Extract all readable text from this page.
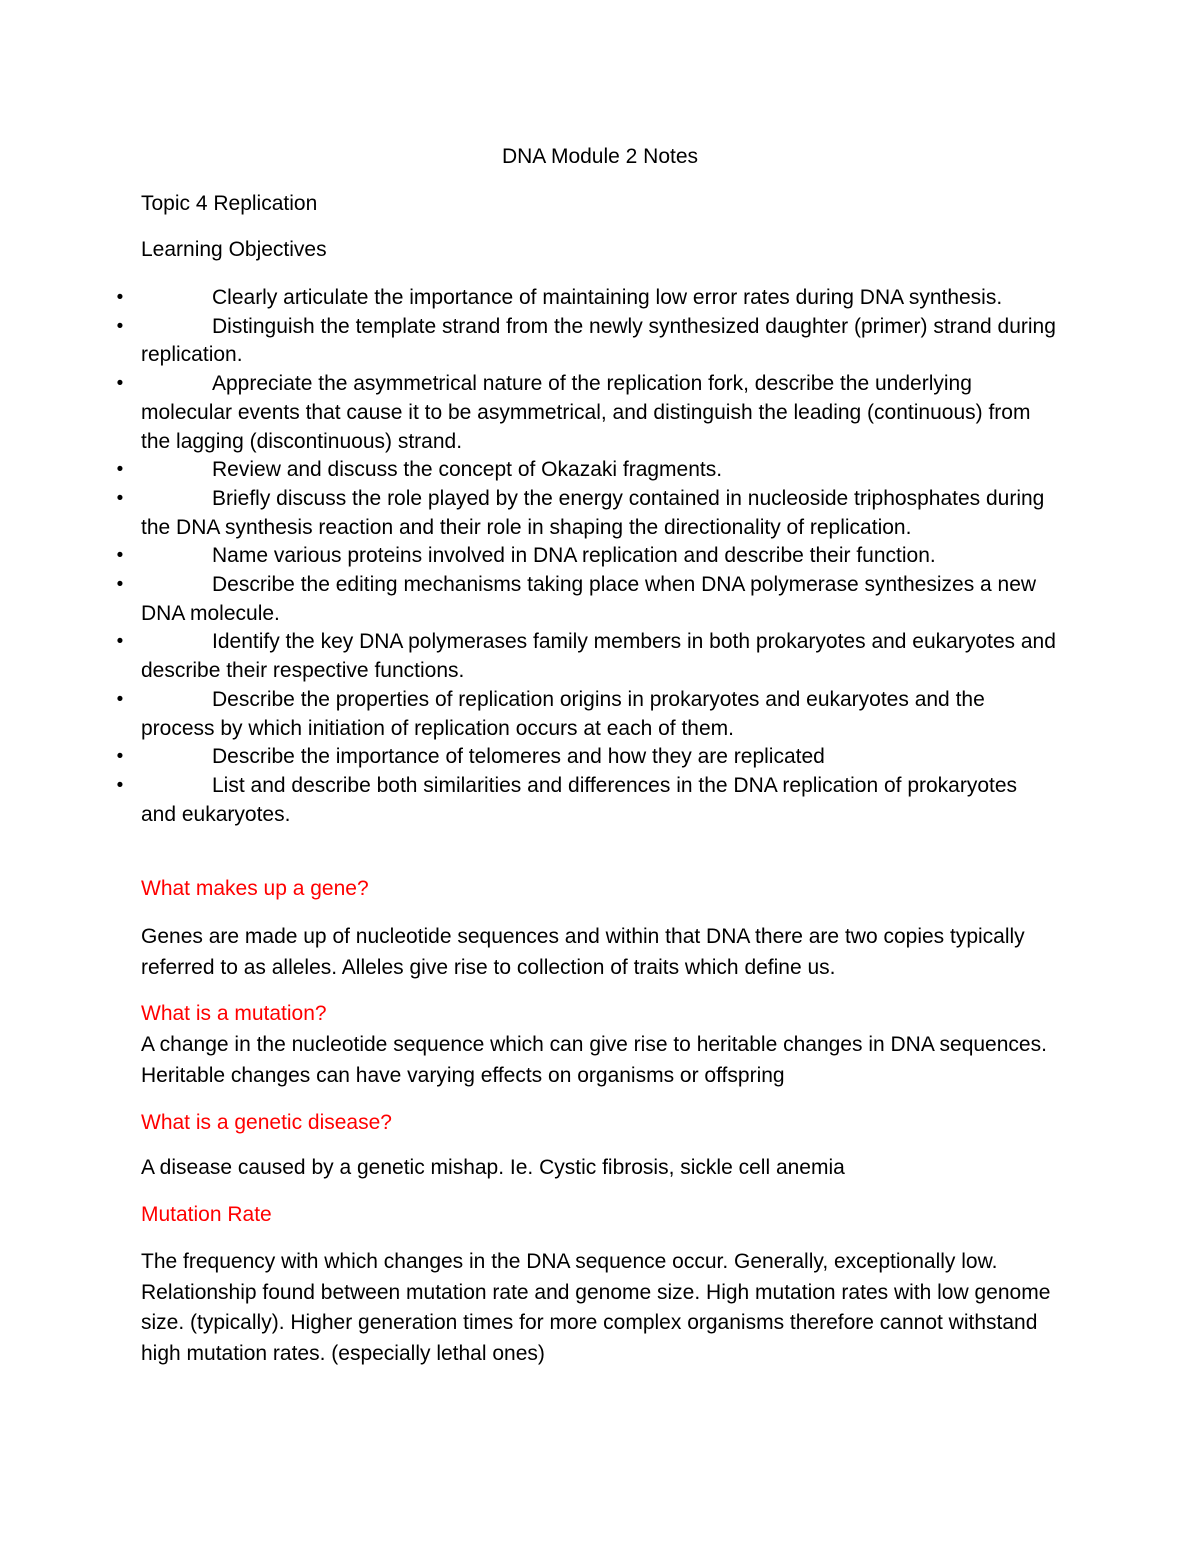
DNA Module 2 Notes
Topic 4 Replication
Learning Objectives
•	Clearly articulate the importance of maintaining low error rates during DNA synthesis.
•	Distinguish the template strand from the newly synthesized daughter (primer) strand during replication.
•	Appreciate the asymmetrical nature of the replication fork, describe the underlying molecular events that cause it to be asymmetrical, and distinguish the leading (continuous) from the lagging (discontinuous) strand.
•	Review and discuss the concept of Okazaki fragments.
•	Briefly discuss the role played by the energy contained in nucleoside triphosphates during the DNA synthesis reaction and their role in shaping the directionality of replication.
•	Name various proteins involved in DNA replication and describe their function.
•	Describe the editing mechanisms taking place when DNA polymerase synthesizes a new DNA molecule.
•	Identify the key DNA polymerases family members in both prokaryotes and eukaryotes and describe their respective functions.
•	Describe the properties of replication origins in prokaryotes and eukaryotes and the process by which initiation of replication occurs at each of them.
•	Describe the importance of telomeres and how they are replicated
•	List and describe both similarities and differences in the DNA replication of prokaryotes and eukaryotes.

What makes up a gene?

Genes are made up of nucleotide sequences and within that DNA there are two copies typically referred to as alleles. Alleles give rise to collection of traits which define us.

What is a mutation?

A change in the nucleotide sequence which can give rise to heritable changes in DNA sequences. Heritable changes can have varying effects on organisms or offspring

What is a genetic disease?

A disease caused by a genetic mishap. Ie. Cystic fibrosis, sickle cell anemia

Mutation Rate

The frequency with which changes in the DNA sequence occur. Generally, exceptionally low. Relationship found between mutation rate and genome size. High mutation rates with low genome size. (typically). Higher generation times for more complex organisms therefore cannot withstand high mutation rates. (especially lethal ones)
